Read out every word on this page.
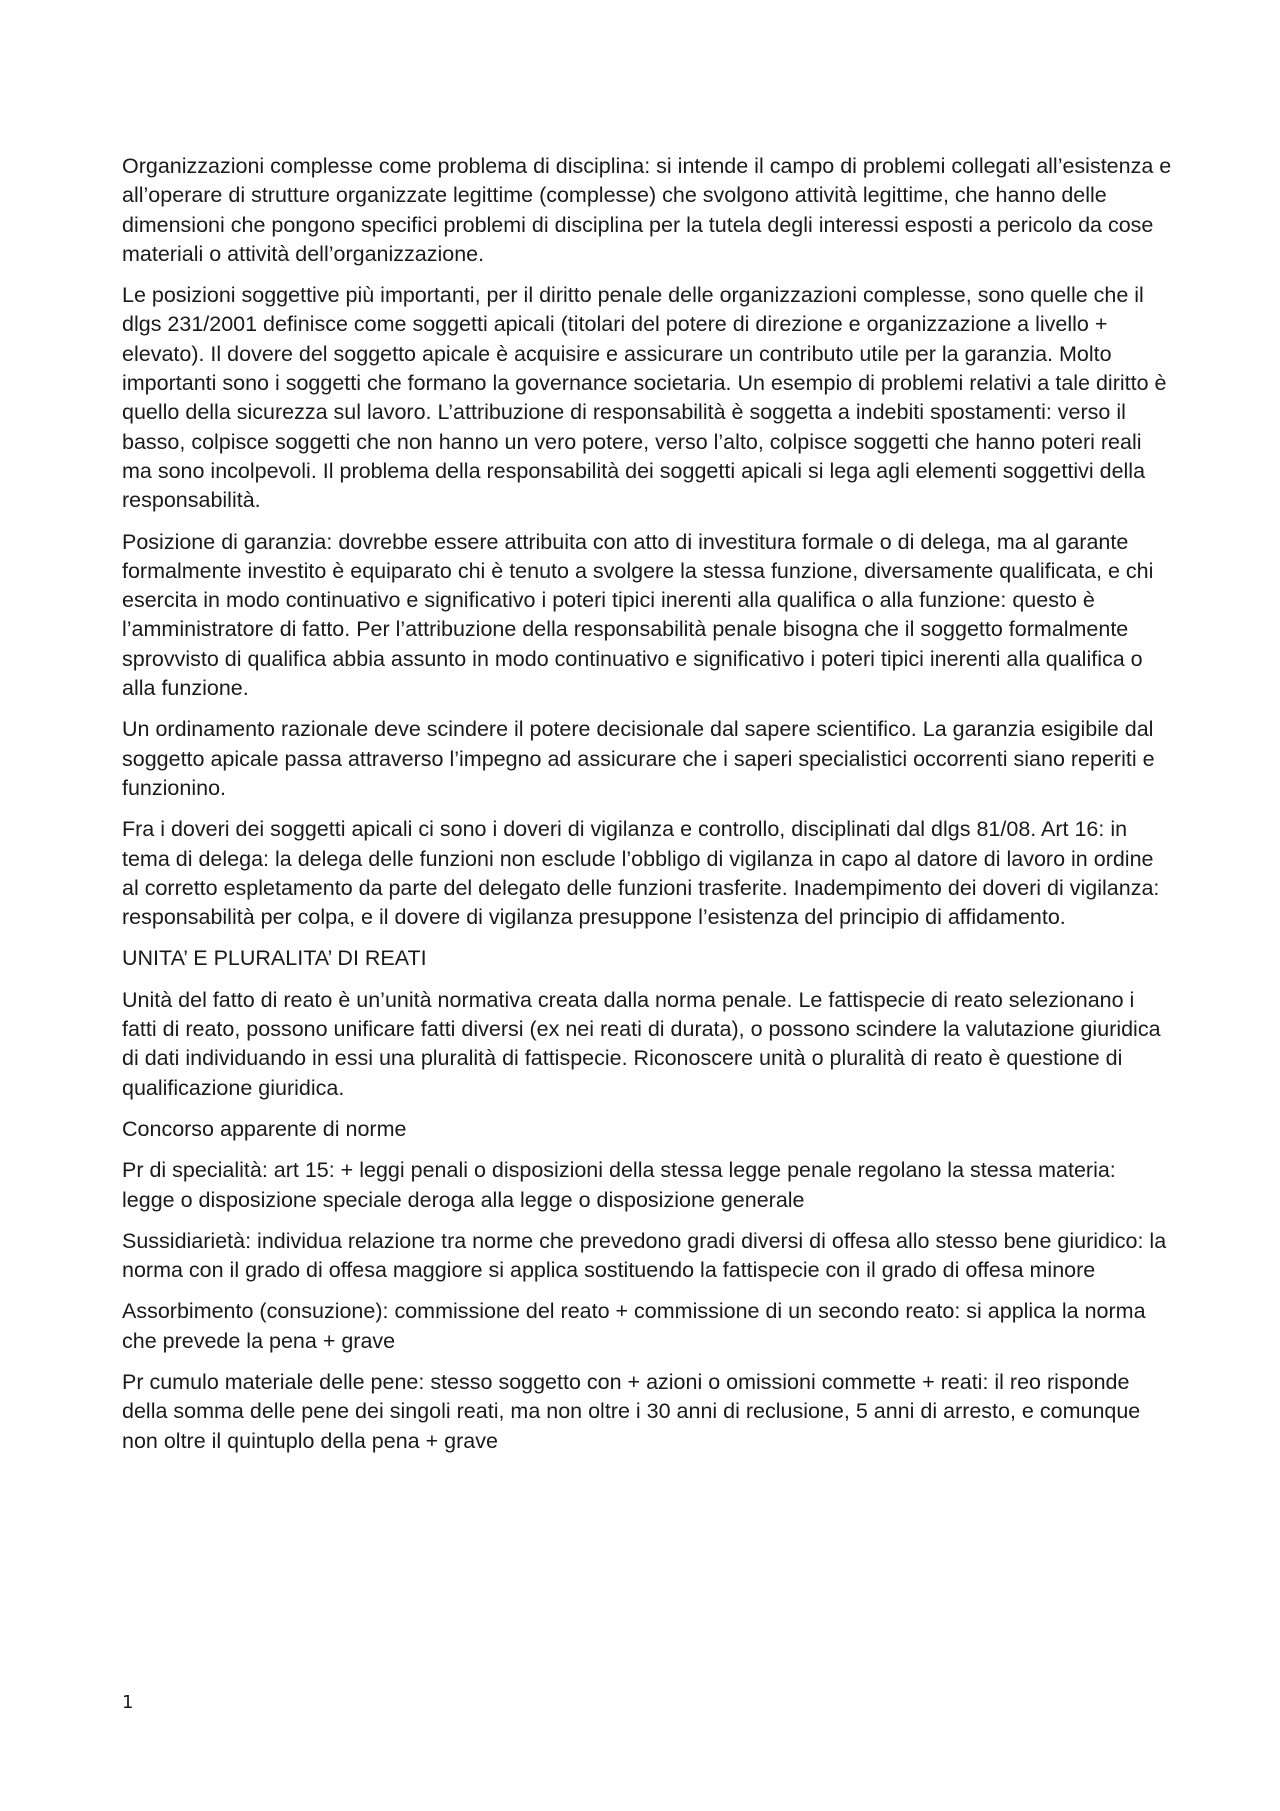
Organizzazioni complesse come problema di disciplina: si intende il campo di problemi collegati all’esistenza e all’operare di strutture organizzate legittime (complesse) che svolgono attività legittime, che hanno delle dimensioni che pongono specifici problemi di disciplina per la tutela degli interessi esposti a pericolo da cose materiali o attività dell’organizzazione.

Le posizioni soggettive più importanti, per il diritto penale delle organizzazioni complesse, sono quelle che il dlgs 231/2001 definisce come soggetti apicali (titolari del potere di direzione e organizzazione a livello + elevato). Il dovere del soggetto apicale è acquisire e assicurare un contributo utile per la garanzia. Molto importanti sono i soggetti che formano la governance societaria. Un esempio di problemi relativi a tale diritto è quello della sicurezza sul lavoro. L’attribuzione di responsabilità è soggetta a indebiti spostamenti: verso il basso, colpisce soggetti che non hanno un vero potere, verso l’alto, colpisce soggetti che hanno poteri reali ma sono incolpevoli. Il problema della responsabilità dei soggetti apicali si lega agli elementi soggettivi della responsabilità.

Posizione di garanzia: dovrebbe essere attribuita con atto di investitura formale o di delega, ma al garante formalmente investito è equiparato chi è tenuto a svolgere la stessa funzione, diversamente qualificata, e chi esercita in modo continuativo e significativo i poteri tipici inerenti alla qualifica o alla funzione: questo è l’amministratore di fatto. Per l’attribuzione della responsabilità penale bisogna che il soggetto formalmente sprovvisto di qualifica abbia assunto in modo continuativo e significativo i poteri tipici inerenti alla qualifica o alla funzione.

Un ordinamento razionale deve scindere il potere decisionale dal sapere scientifico. La garanzia esigibile dal soggetto apicale passa attraverso l’impegno ad assicurare che i saperi specialistici occorrenti siano reperiti e funzionino.

Fra i doveri dei soggetti apicali ci sono i doveri di vigilanza e controllo, disciplinati dal dlgs 81/08. Art 16: in tema di delega: la delega delle funzioni non esclude l’obbligo di vigilanza in capo al datore di lavoro in ordine al corretto espletamento da parte del delegato delle funzioni trasferite. Inadempimento dei doveri di vigilanza: responsabilità per colpa, e il dovere di vigilanza presuppone l’esistenza del principio di affidamento.

UNITA’ E PLURALITA’ DI REATI

Unità del fatto di reato è un’unità normativa creata dalla norma penale. Le fattispecie di reato selezionano i fatti di reato, possono unificare fatti diversi (ex nei reati di durata), o possono scindere la valutazione giuridica di dati individuando in essi una pluralità di fattispecie. Riconoscere unità o pluralità di reato è questione di qualificazione giuridica.

Concorso apparente di norme

Pr di specialità: art 15: + leggi penali o disposizioni della stessa legge penale regolano la stessa materia: legge o disposizione speciale deroga alla legge o disposizione generale

Sussidiarietà: individua relazione tra norme che prevedono gradi diversi di offesa allo stesso bene giuridico: la norma con il grado di offesa maggiore si applica sostituendo la fattispecie con il grado di offesa minore

Assorbimento (consuzione): commissione del reato + commissione di un secondo reato: si applica la norma che prevede la pena + grave

Pr cumulo materiale delle pene: stesso soggetto con + azioni o omissioni commette + reati: il reo risponde della somma delle pene dei singoli reati, ma non oltre i 30 anni di reclusione, 5 anni di arresto, e comunque non oltre il quintuplo della pena + grave

1
